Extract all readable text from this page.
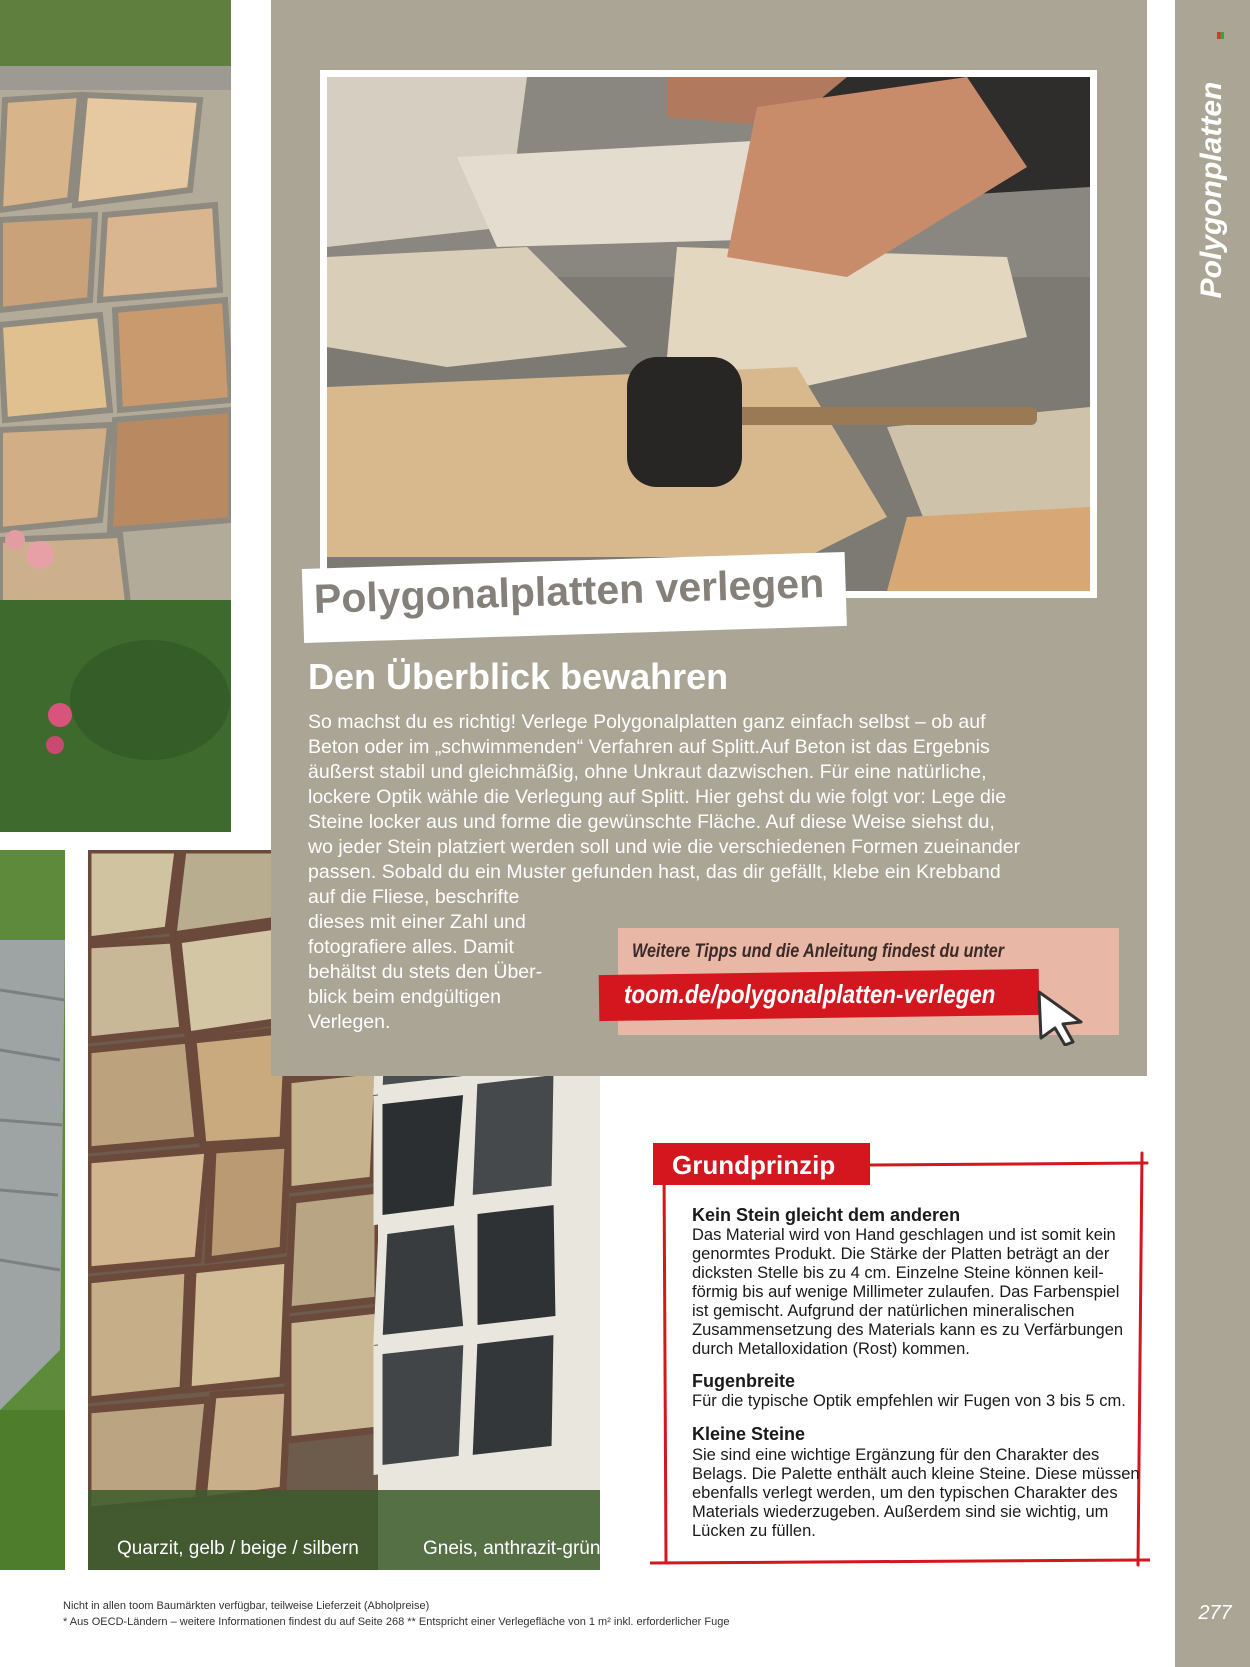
Quarzit, gelb / beige / silbern	Gneis, anthrazit-grün
Polygonalplatten verlegen
Den Überblick bewahren
So machst du es richtig! Verlege Polygonalplatten ganz einfach selbst – ob auf
Beton oder im „schwimmenden“ Verfahren auf Splitt.Auf Beton ist das Ergebnis
äußerst stabil und gleichmäßig, ohne Unkraut dazwischen. Für eine natürliche,
lockere Optik wähle die Verlegung auf Splitt. Hier gehst du wie folgt vor: Lege die
Steine locker aus und forme die gewünschte Fläche. Auf diese Weise siehst du,
wo jeder Stein platziert werden soll und wie die verschiedenen Formen zueinander
passen. Sobald du ein Muster gefunden hast, das dir gefällt, klebe ein Krebband
auf die Fliese, beschrifte
dieses mit einer Zahl und
fotografiere alles. Damit
behältst du stets den Über-
blick beim endgültigen
Verlegen.
Weitere Tipps und die Anleitung findest du unter
toom.de/polygonalplatten-verlegen
Polygonplatten
277
Grundprinzip
Kein Stein gleicht dem anderen
Das Material wird von Hand geschlagen und ist somit kein
genormtes Produkt. Die Stärke der Platten beträgt an der
dicksten Stelle bis zu 4 cm. Einzelne Steine können keil-
förmig bis auf wenige Millimeter zulaufen. Das Farbenspiel
ist gemischt. Aufgrund der natürlichen mineralischen
Zusammensetzung des Materials kann es zu Verfärbungen
durch Metalloxidation (Rost) kommen.
Fugenbreite
Für die typische Optik empfehlen wir Fugen von 3 bis 5 cm.
Kleine Steine
Sie sind eine wichtige Ergänzung für den Charakter des
Belags. Die Palette enthält auch kleine Steine. Diese müssen
ebenfalls verlegt werden, um den typischen Charakter des
Materials wiederzugeben. Außerdem sind sie wichtig, um
Lücken zu füllen.
Nicht in allen toom Baumärkten verfügbar, teilweise Lieferzeit (Abholpreise)
* Aus OECD-Ländern – weitere Informationen findest du auf Seite 268 ** Entspricht einer Verlegefläche von 1 m² inkl. erforderlicher Fuge
